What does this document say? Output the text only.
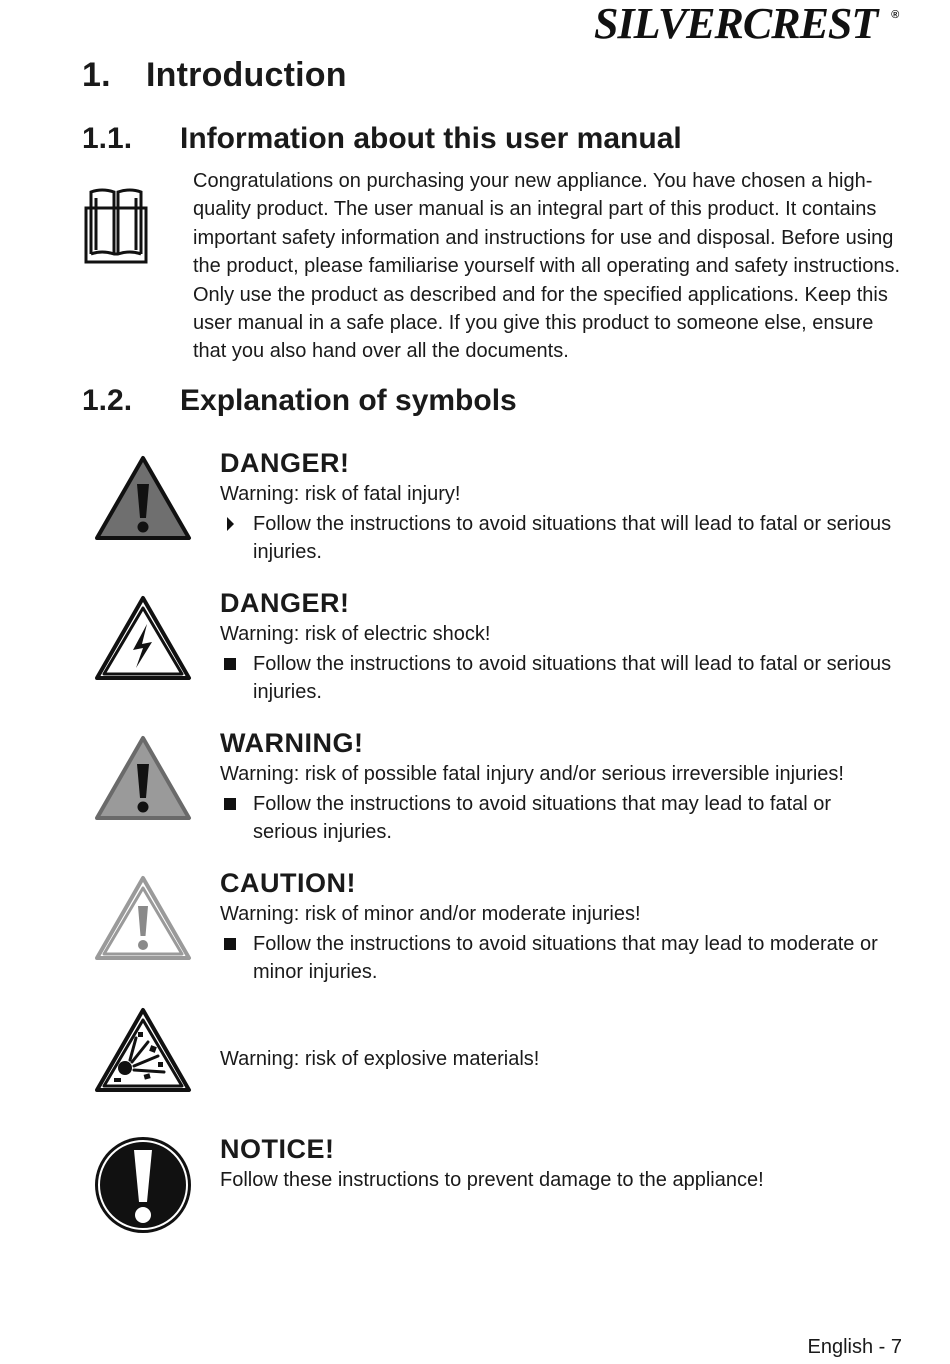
SILVERCREST ®
1. Introduction
1.1. Information about this user manual
Congratulations on purchasing your new appliance. You have chosen a high-quality product. The user manual is an integral part of this product. It contains important safety information and instructions for use and disposal. Before using the product, please familiarise yourself with all operating and safety instructions. Only use the product as described and for the specified applications. Keep this user manual in a safe place. If you give this product to someone else, ensure that you also hand over all the documents.
1.2. Explanation of symbols
DANGER!
Warning: risk of fatal injury!
Follow the instructions to avoid situations that will lead to fatal or serious injuries.
DANGER!
Warning: risk of electric shock!
Follow the instructions to avoid situations that will lead to fatal or serious injuries.
WARNING!
Warning: risk of possible fatal injury and/or serious irreversible injuries!
Follow the instructions to avoid situations that may lead to fatal or serious injuries.
CAUTION!
Warning: risk of minor and/or moderate injuries!
Follow the instructions to avoid situations that may lead to moderate or minor injuries.
Warning: risk of explosive materials!
NOTICE!
Follow these instructions to prevent damage to the appliance!
English - 7
